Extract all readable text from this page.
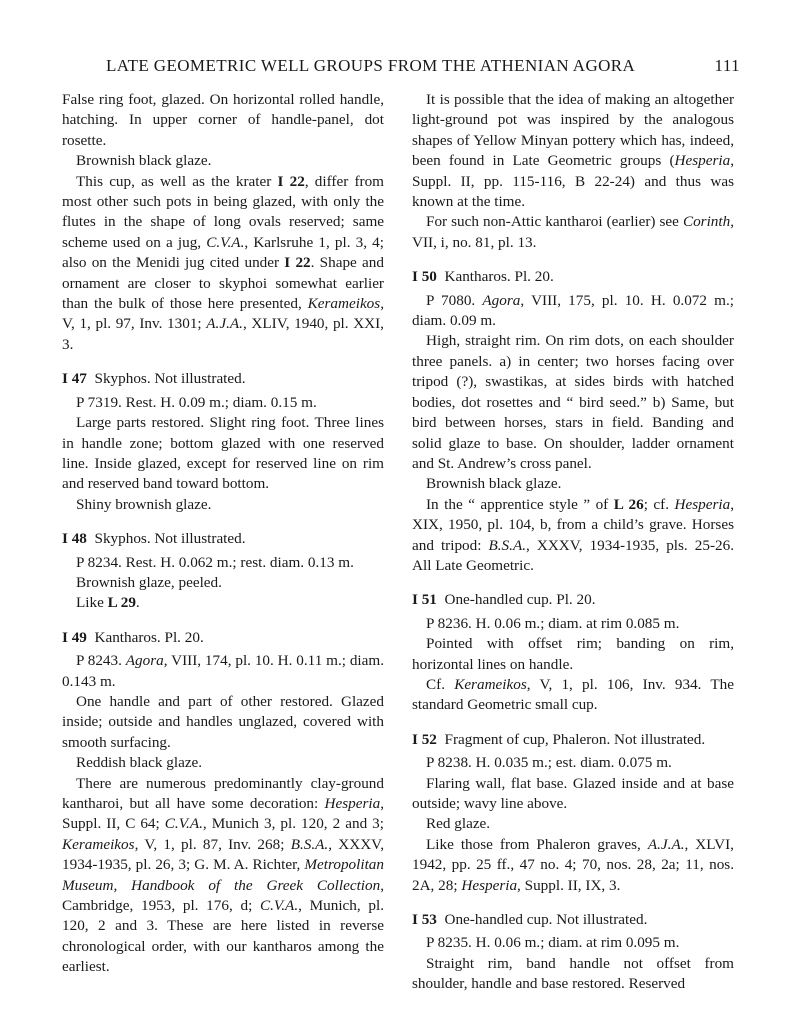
LATE GEOMETRIC WELL GROUPS FROM THE ATHENIAN AGORA	111

False ring foot, glazed. On horizontal rolled handle, hatching. In upper corner of handle-panel, dot rosette.

Brownish black glaze.

This cup, as well as the krater I 22, differ from most other such pots in being glazed, with only the flutes in the shape of long ovals reserved; same scheme used on a jug, C.V.A., Karlsruhe 1, pl. 3, 4; also on the Menidi jug cited under I 22. Shape and ornament are closer to skyphoi somewhat earlier than the bulk of those here presented, Kerameikos, V, 1, pl. 97, Inv. 1301; A.J.A., XLIV, 1940, pl. XXI, 3.

I 47 Skyphos. Not illustrated.

P 7319. Rest. H. 0.09 m.; diam. 0.15 m.

Large parts restored. Slight ring foot. Three lines in handle zone; bottom glazed with one reserved line. Inside glazed, except for reserved line on rim and reserved band toward bottom.

Shiny brownish glaze.

I 48 Skyphos. Not illustrated.

P 8234. Rest. H. 0.062 m.; rest. diam. 0.13 m.

Brownish glaze, peeled.

Like L 29.

I 49 Kantharos. Pl. 20.

P 8243. Agora, VIII, 174, pl. 10. H. 0.11 m.; diam. 0.143 m.

One handle and part of other restored. Glazed inside; outside and handles unglazed, covered with smooth surfacing.

Reddish black glaze.

There are numerous predominantly clay-ground kantharoi, but all have some decoration: Hesperia, Suppl. II, C 64; C.V.A., Munich 3, pl. 120, 2 and 3; Kerameikos, V, 1, pl. 87, Inv. 268; B.S.A., XXXV, 1934-1935, pl. 26, 3; G. M. A. Richter, Metropolitan Museum, Handbook of the Greek Collection, Cambridge, 1953, pl. 176, d; C.V.A., Munich, pl. 120, 2 and 3. These are here listed in reverse chronological order, with our kantharos among the earliest.

It is possible that the idea of making an altogether light-ground pot was inspired by the analogous shapes of Yellow Minyan pottery which has, indeed, been found in Late Geometric groups (Hesperia, Suppl. II, pp. 115-116, B 22-24) and thus was known at the time.

For such non-Attic kantharoi (earlier) see Corinth, VII, i, no. 81, pl. 13.

I 50 Kantharos. Pl. 20.

P 7080. Agora, VIII, 175, pl. 10. H. 0.072 m.; diam. 0.09 m.

High, straight rim. On rim dots, on each shoulder three panels. a) in center; two horses facing over tripod (?), swastikas, at sides birds with hatched bodies, dot rosettes and “ bird seed.” b) Same, but bird between horses, stars in field. Banding and solid glaze to base. On shoulder, ladder ornament and St. Andrew’s cross panel.

Brownish black glaze.

In the “ apprentice style ” of L 26; cf. Hesperia, XIX, 1950, pl. 104, b, from a child’s grave. Horses and tripod: B.S.A., XXXV, 1934-1935, pls. 25-26. All Late Geometric.

I 51 One-handled cup. Pl. 20.

P 8236. H. 0.06 m.; diam. at rim 0.085 m.

Pointed with offset rim; banding on rim, horizontal lines on handle.

Cf. Kerameikos, V, 1, pl. 106, Inv. 934. The standard Geometric small cup.

I 52 Fragment of cup, Phaleron. Not illustrated.

P 8238. H. 0.035 m.; est. diam. 0.075 m.

Flaring wall, flat base. Glazed inside and at base outside; wavy line above.

Red glaze.

Like those from Phaleron graves, A.J.A., XLVI, 1942, pp. 25 ff., 47 no. 4; 70, nos. 28, 2a; 11, nos. 2A, 28; Hesperia, Suppl. II, IX, 3.

I 53 One-handled cup. Not illustrated.

P 8235. H. 0.06 m.; diam. at rim 0.095 m.

Straight rim, band handle not offset from shoulder, handle and base restored. Reserved
